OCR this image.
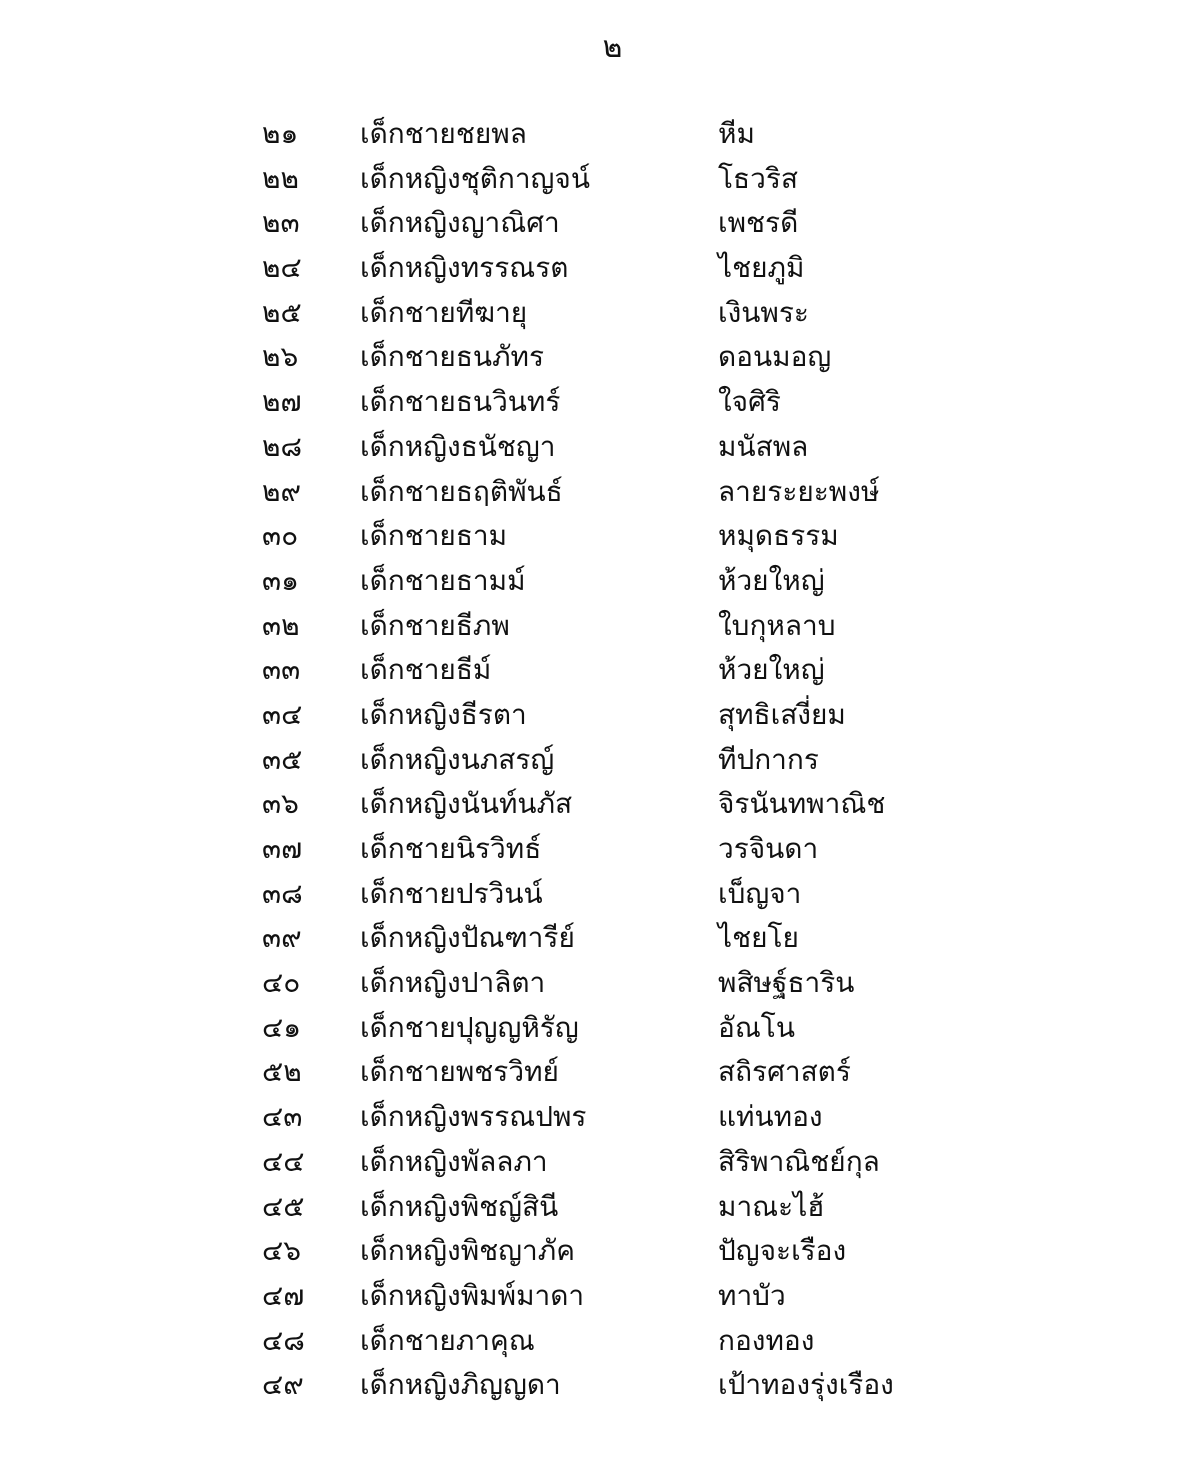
๒
๒๑	เด็กชายชยพล	หีม
๒๒	เด็กหญิงชุติกาญจน์	โธวริส
๒๓	เด็กหญิงญาณิศา	เพชรดี
๒๔	เด็กหญิงทรรณรต	ไชยภูมิ
๒๕	เด็กชายทีฆายุ	เงินพระ
๒๖	เด็กชายธนภัทร	ดอนมอญ
๒๗	เด็กชายธนวินทร์	ใจศิริ
๒๘	เด็กหญิงธนัชญา	มนัสพล
๒๙	เด็กชายธฤติพันธ์	ลายระยะพงษ์
๓๐	เด็กชายธาม	หมุดธรรม
๓๑	เด็กชายธามม์	ห้วยใหญ่
๓๒	เด็กชายธีภพ	ใบกุหลาบ
๓๓	เด็กชายธีม์	ห้วยใหญ่
๓๔	เด็กหญิงธีรตา	สุทธิเสงี่ยม
๓๕	เด็กหญิงนภสรญ์	ทีปกากร
๓๖	เด็กหญิงนันท์นภัส	จิรนันทพาณิช
๓๗	เด็กชายนิรวิทธ์	วรจินดา
๓๘	เด็กชายปรวินน์	เบ็ญจา
๓๙	เด็กหญิงปัณฑารีย์	ไชยโย
๔๐	เด็กหญิงปาลิตา	พสิษฐ์ธาริน
๔๑	เด็กชายปุญญหิรัญ	อัณโน
๕๒	เด็กชายพชรวิทย์	สถิรศาสตร์
๔๓	เด็กหญิงพรรณปพร	แท่นทอง
๔๔	เด็กหญิงพัลลภา	สิริพาณิชย์กุล
๔๕	เด็กหญิงพิชญ์สินี	มาณะไฮ้
๔๖	เด็กหญิงพิชญาภัค	ปัญจะเรือง
๔๗	เด็กหญิงพิมพ์มาดา	ทาบัว
๔๘	เด็กชายภาคุณ	กองทอง
๔๙	เด็กหญิงภิญญดา	เป้าทองรุ่งเรือง
